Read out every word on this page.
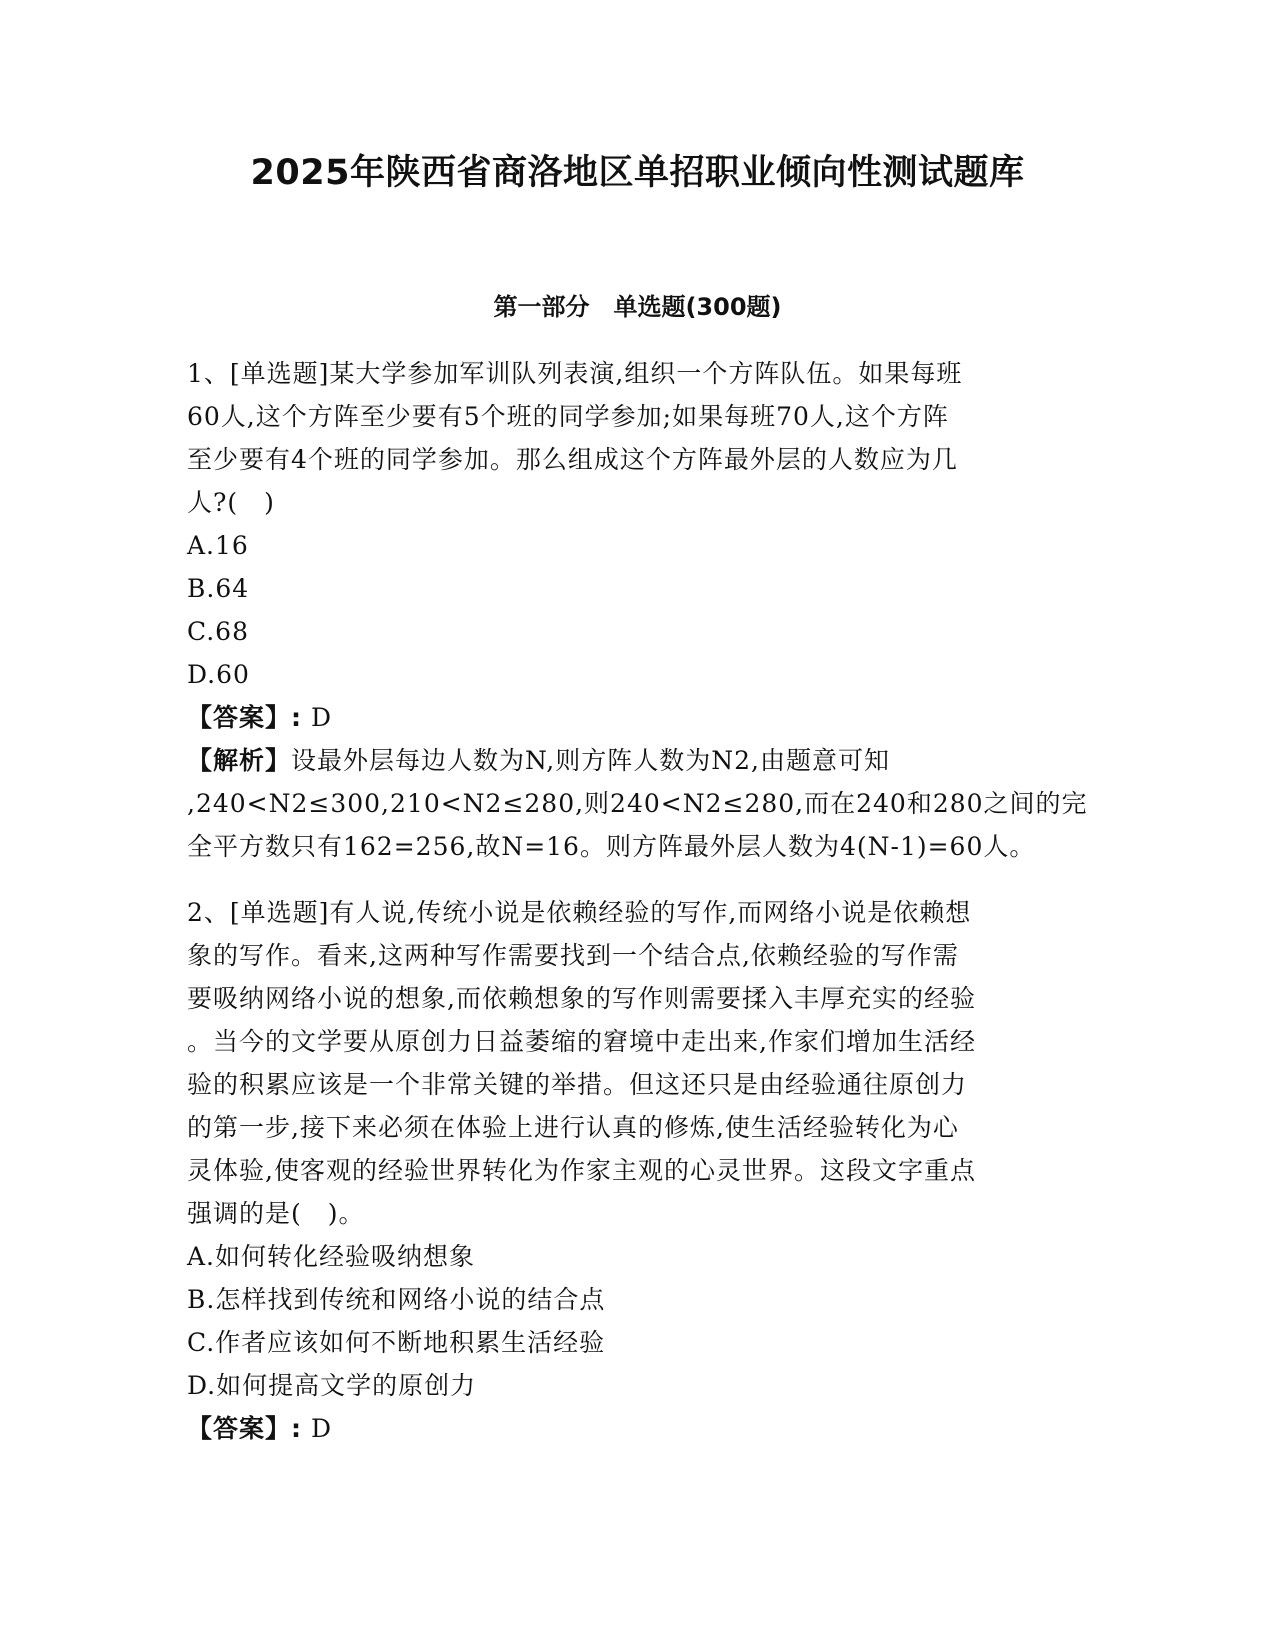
2025年陕西省商洛地区单招职业倾向性测试题库
第一部分　单选题(300题)
1、[单选题]某大学参加军训队列表演,组织一个方阵队伍。如果每班
60人,这个方阵至少要有5个班的同学参加;如果每班70人,这个方阵
至少要有4个班的同学参加。那么组成这个方阵最外层的人数应为几
人?(　)
A.16
B.64
C.68
D.60
【答案】: D
【解析】设最外层每边人数为N,则方阵人数为N2,由题意可知
,240<N2≤300,210<N2≤280,则240<N2≤280,而在240和280之间的完
全平方数只有162=256,故N=16。则方阵最外层人数为4(N-1)=60人。
2、[单选题]有人说,传统小说是依赖经验的写作,而网络小说是依赖想
象的写作。看来,这两种写作需要找到一个结合点,依赖经验的写作需
要吸纳网络小说的想象,而依赖想象的写作则需要揉入丰厚充实的经验
。当今的文学要从原创力日益萎缩的窘境中走出来,作家们增加生活经
验的积累应该是一个非常关键的举措。但这还只是由经验通往原创力
的第一步,接下来必须在体验上进行认真的修炼,使生活经验转化为心
灵体验,使客观的经验世界转化为作家主观的心灵世界。这段文字重点
强调的是(　)。
A.如何转化经验吸纳想象
B.怎样找到传统和网络小说的结合点
C.作者应该如何不断地积累生活经验
D.如何提高文学的原创力
【答案】: D
